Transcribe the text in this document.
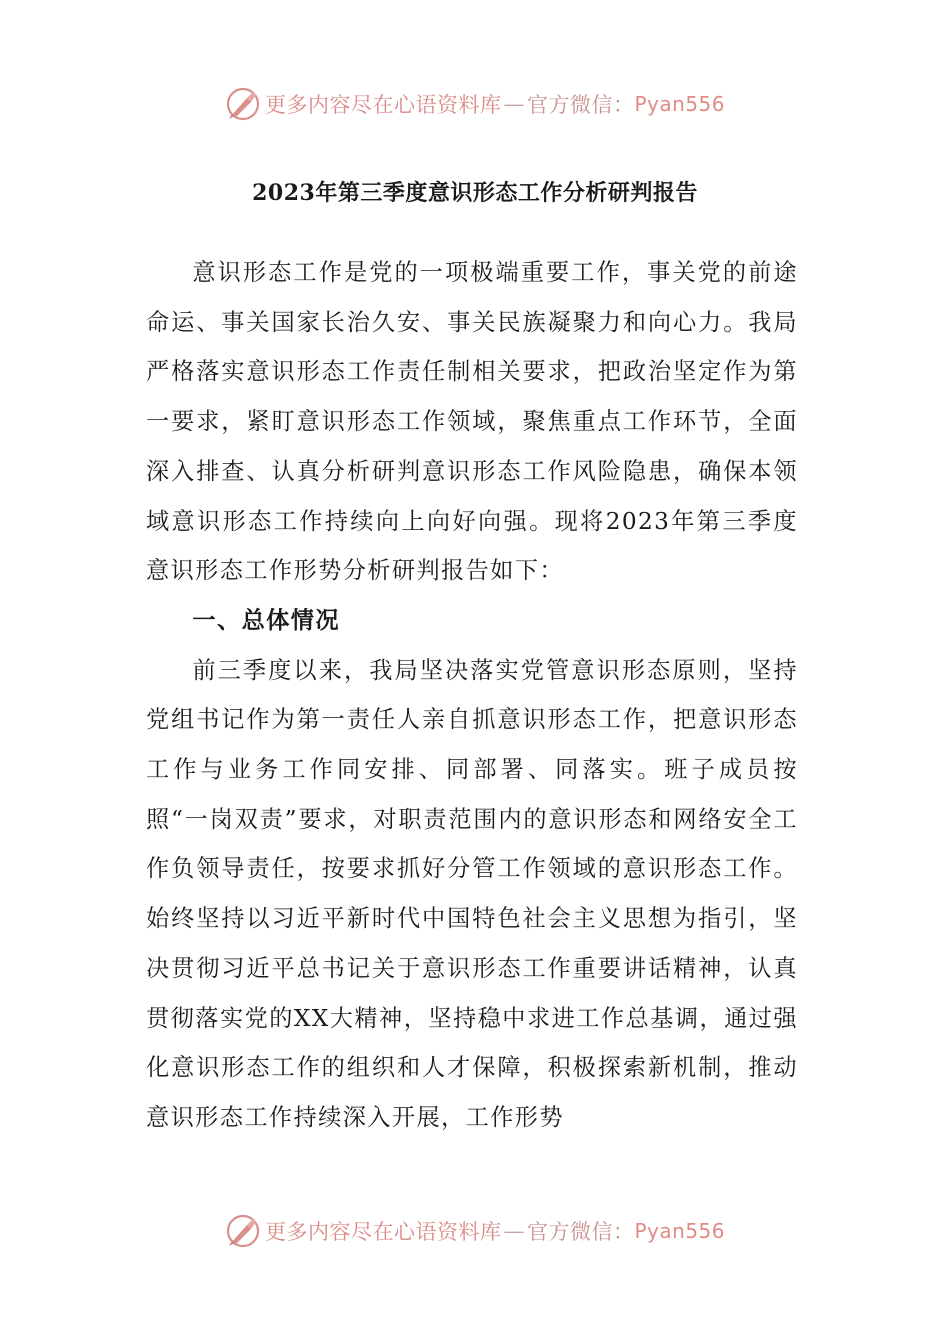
更多内容尽在心语资料库 — 官方微信： Pyan556
2023年第三季度意识形态工作分析研判报告

意识形态工作是党的一项极端重要工作，事关党的前途命运、事关国家长治久安、事关民族凝聚力和向心力。我局严格落实意识形态工作责任制相关要求，把政治坚定作为第一要求，紧盯意识形态工作领域，聚焦重点工作环节，全面深入排查、认真分析研判意识形态工作风险隐患，确保本领域意识形态工作持续向上向好向强。现将2023年第三季度意识形态工作形势分析研判报告如下：

一、总体情况

前三季度以来，我局坚决落实党管意识形态原则，坚持党组书记作为第一责任人亲自抓意识形态工作，把意识形态工作与业务工作同安排、同部署、同落实。班子成员按照“一岗双责”要求，对职责范围内的意识形态和网络安全工作负领导责任，按要求抓好分管工作领域的意识形态工作。始终坚持以习近平新时代中国特色社会主义思想为指引，坚决贯彻习近平总书记关于意识形态工作重要讲话精神，认真贯彻落实党的XX大精神，坚持稳中求进工作总基调，通过强化意识形态工作的组织和人才保障，积极探索新机制，推动意识形态工作持续深入开展，工作形势

更多内容尽在心语资料库 — 官方微信： Pyan556
